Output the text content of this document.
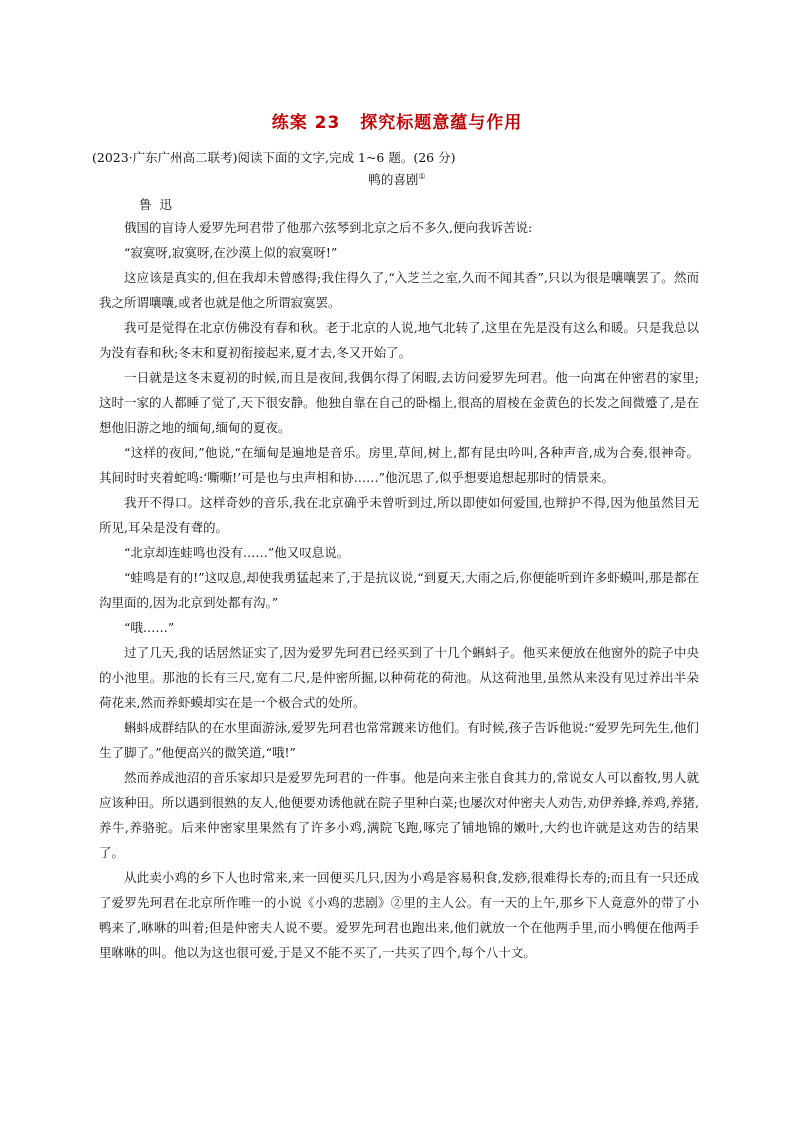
练案 23 探究标题意蕴与作用
(2023·广东广州高二联考)阅读下面的文字,完成 1~6 题。(26 分)
鸭的喜剧①
鲁迅

俄国的盲诗人爱罗先珂君带了他那六弦琴到北京之后不多久,便向我诉苦说:

“寂寞呀,寂寞呀,在沙漠上似的寂寞呀!”

这应该是真实的,但在我却未曾感得;我住得久了,“入芝兰之室,久而不闻其香”,只以为很是嚷嚷罢了。然而我之所谓嚷嚷,或者也就是他之所谓寂寞罢。

我可是觉得在北京仿佛没有春和秋。老于北京的人说,地气北转了,这里在先是没有这么和暖。只是我总以为没有春和秋;冬末和夏初衔接起来,夏才去,冬又开始了。

一日就是这冬末夏初的时候,而且是夜间,我偶尔得了闲暇,去访问爱罗先珂君。他一向寓在仲密君的家里;这时一家的人都睡了觉了,天下很安静。他独自靠在自己的卧榻上,很高的眉棱在金黄色的长发之间微蹙了,是在想他旧游之地的缅甸,缅甸的夏夜。

“这样的夜间,”他说,“在缅甸是遍地是音乐。房里,草间,树上,都有昆虫吟叫,各种声音,成为合奏,很神奇。其间时时夹着蛇鸣:‘嘶嘶!’可是也与虫声相和协……”他沉思了,似乎想要追想起那时的情景来。

我开不得口。这样奇妙的音乐,我在北京确乎未曾听到过,所以即使如何爱国,也辩护不得,因为他虽然目无所见,耳朵是没有聋的。

“北京却连蛙鸣也没有……”他又叹息说。

“蛙鸣是有的!”这叹息,却使我勇猛起来了,于是抗议说,“到夏天,大雨之后,你便能听到许多虾蟆叫,那是都在沟里面的,因为北京到处都有沟。”

“哦……”

过了几天,我的话居然证实了,因为爱罗先珂君已经买到了十几个蝌蚪子。他买来便放在他窗外的院子中央的小池里。那池的长有三尺,宽有二尺,是仲密所掘,以种荷花的荷池。从这荷池里,虽然从来没有见过养出半朵荷花来,然而养虾蟆却实在是一个极合式的处所。

蝌蚪成群结队的在水里面游泳,爱罗先珂君也常常踱来访他们。有时候,孩子告诉他说:“爱罗先珂先生,他们生了脚了。”他便高兴的微笑道,“哦!”

然而养成池沼的音乐家却只是爱罗先珂君的一件事。他是向来主张自食其力的,常说女人可以畜牧,男人就应该种田。所以遇到很熟的友人,他便要劝诱他就在院子里种白菜;也屡次对仲密夫人劝告,劝伊养蜂,养鸡,养猪,养牛,养骆驼。后来仲密家里果然有了许多小鸡,满院飞跑,啄完了铺地锦的嫩叶,大约也许就是这劝告的结果了。

从此卖小鸡的乡下人也时常来,来一回便买几只,因为小鸡是容易积食,发痧,很难得长寿的;而且有一只还成了爱罗先珂君在北京所作唯一的小说《小鸡的悲剧》②里的主人公。有一天的上午,那乡下人竟意外的带了小鸭来了,咻咻的叫着;但是仲密夫人说不要。爱罗先珂君也跑出来,他们就放一个在他两手里,而小鸭便在他两手里咻咻的叫。他以为这也很可爱,于是又不能不买了,一共买了四个,每个八十文。
